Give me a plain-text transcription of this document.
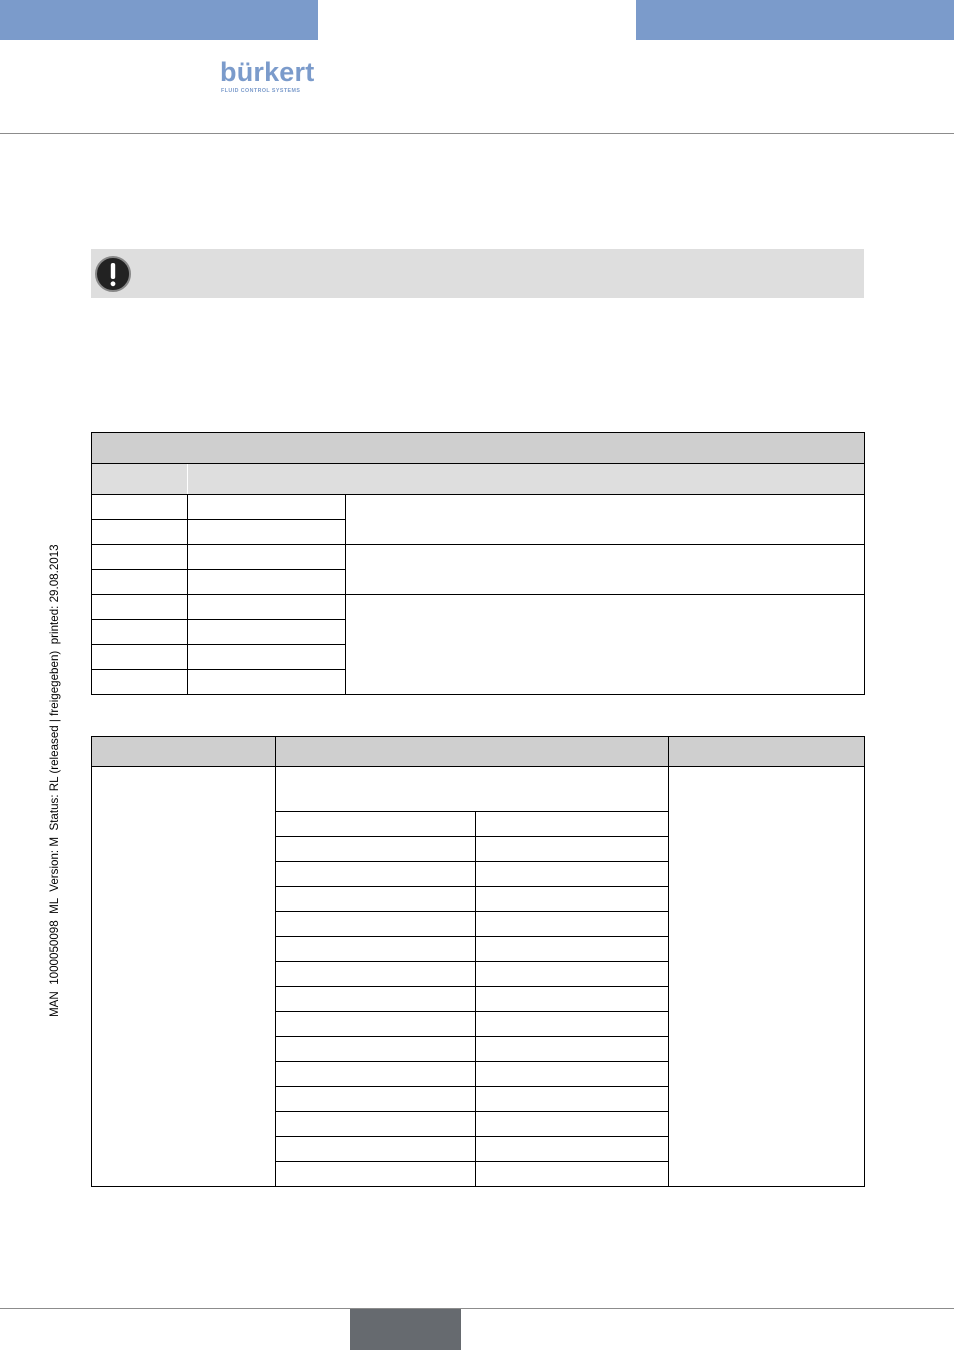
bürkert
FLUID CONTROL SYSTEMS
MAN  1000050098  ML  Version: M  Status: RL (released | freigegeben)  printed: 29.08.2013
